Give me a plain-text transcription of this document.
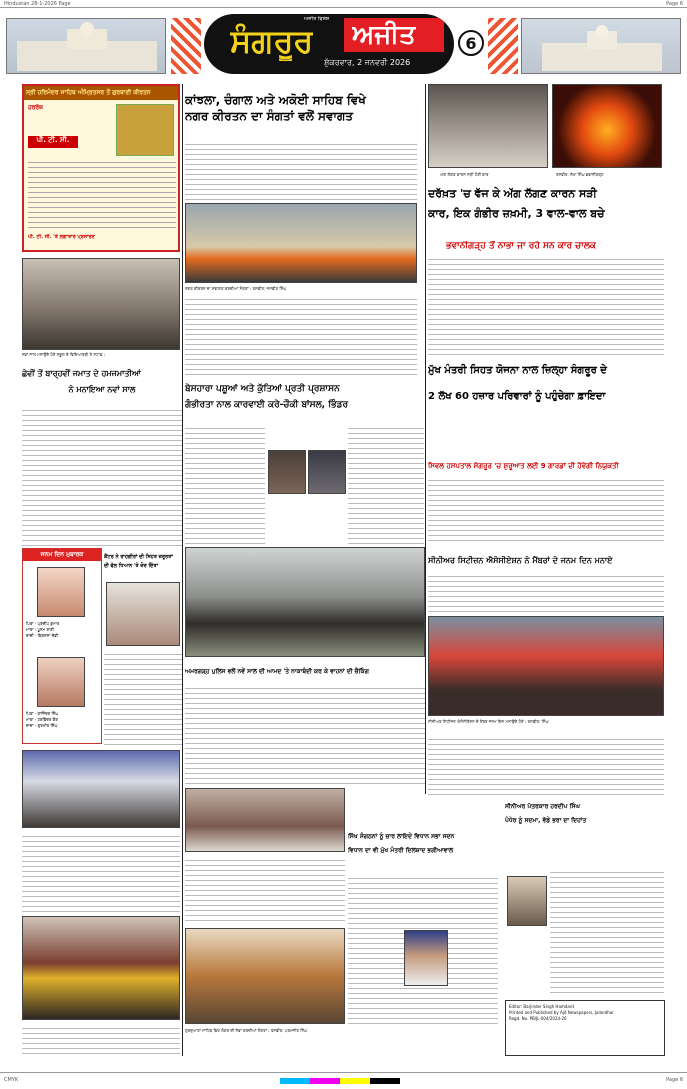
Hindustan 28-1-2026 Page	Page 6
ਸੰਗਰੂਰ ਅਜੀਤ
ਅਜੀਤ ਵਿਸ਼ੇਸ਼
ਸ਼ੁੱਕਰਵਾਰ, 2 ਜਨਵਰੀ 2026
6
ਸ੍ਰੀ ਹਰਿਮੰਦਰ ਸਾਹਿਬ ਅੰਮ੍ਰਿਤਸਰ ਤੋਂ ਗੁਰਬਾਣੀ ਕੀਰਤਨ
ਹਰਰੋਜ਼
ਪੀ. ਟੀ. ਸੀ.
ਪੀ. ਟੀ. ਸੀ. 'ਤੇ ਲਗਾਤਾਰ ਪ੍ਰਸਾਰਣ
ਕਾਂਝਲਾ, ਚੰਗਾਲ ਅਤੇ ਅਕੋਈ ਸਾਹਿਬ ਵਿਖੇ
ਨਗਰ ਕੀਰਤਨ ਦਾ ਸੰਗਤਾਂ ਵਲੋਂ ਸਵਾਗਤ
ਨਗਰ ਕੀਰਤਨ ਦਾ ਸਵਾਗਤ ਕਰਦੀਆਂ ਸੰਗਤਾਂ। ਤਸਵੀਰ: ਜਸਵੀਰ ਸਿੰਘ
ਅੱਗ ਲੱਗਣ ਕਾਰਨ ਸੜੀ ਹੋਈ ਕਾਰ	ਤਸਵੀਰ: ਲੱਖਾ ਸਿੰਘ ਭਵਾਨੀਗੜ੍ਹ
ਦਰੱਖ਼ਤ 'ਚ ਵੱਜ ਕੇ ਅੱਗ ਲੱਗਣ ਕਾਰਨ ਸੜੀ
ਕਾਰ, ਇਕ ਗੰਭੀਰ ਜ਼ਖ਼ਮੀ, 3 ਵਾਲ-ਵਾਲ ਬਚੇ
ਭਵਾਨੀਗੜ੍ਹ ਤੋਂ ਨਾਭਾ ਜਾ ਰਹੇ ਸਨ ਕਾਰ ਚਾਲਕ
ਨਵਾਂ ਸਾਲ ਮਨਾਉਂਦੇ ਹੋਏ ਸਕੂਲ ਦੇ ਵਿਦਿਆਰਥੀ ਤੇ ਸਟਾਫ਼।
ਛੇਵੀਂ ਤੋਂ ਬਾਰ੍ਹਵੀਂ ਜਮਾਤ ਦੇ ਹਮਜਮਾਤੀਆਂ
ਨੇ ਮਨਾਇਆ ਨਵਾਂ ਸਾਲ	ਬੇਸਹਾਰਾ ਪਸ਼ੂਆਂ ਅਤੇ ਕੁੱਤਿਆਂ ਪ੍ਰਤੀ ਪ੍ਰਸ਼ਾਸਨ
ਗੰਭੀਰਤਾ ਨਾਲ ਕਾਰਵਾਈ ਕਰੇ-ਚੌਕੀ ਬਾਂਸਲ, ਭਿੰਡਰ
ਮੁੱਖ ਮੰਤਰੀ ਸਿਹਤ ਯੋਜਨਾ ਨਾਲ ਜ਼ਿਲ੍ਹਾ ਸੰਗਰੂਰ ਦੇ
2 ਲੱਖ 60 ਹਜ਼ਾਰ ਪਰਿਵਾਰਾਂ ਨੂੰ ਪਹੁੰਚੇਗਾ ਫ਼ਾਇਦਾ
ਸਿਵਲ ਹਸਪਤਾਲ ਸੰਗਰੂਰ 'ਚ ਸ਼ੁਰੂਆਤ ਲਈ 9 ਗਾਰਡਾਂ ਦੀ ਹੋਵੇਗੀ ਨਿਯੁਕਤੀ
ਜਨਮ ਦਿਨ ਮੁਬਾਰਕ
ਪਿਤਾ - ਪ੍ਰਦੀਪ ਕੁਮਾਰ
ਮਾਤਾ - ਪੂਨਮ ਰਾਣੀ
ਦਾਦੀ - ਕ੍ਰਿਸ਼ਨਾ ਦੇਵੀ
ਪਿਤਾ - ਰਾਜਿੰਦਰ ਸਿੰਘ
ਮਾਤਾ - ਹਰਵਿੰਦਰ ਕੌਰ
ਦਾਦਾ - ਗੁਰਮੀਤ ਸਿੰਘ
ਕੈਂਟਰ ਨੇ ਰਾਹਗੀਰਾਂ ਦੀ ਸਿਹਤ ਜ਼ਰੂਰਤਾਂ
ਦੀ ਵੱਲ ਧਿਆਨ 'ਤੇ ਜ਼ੋਰ ਦਿੱਤਾ
ਅਮਰਗੜ੍ਹ ਪੁਲਿਸ ਵਲੋਂ ਨਵੇਂ ਸਾਲ ਦੀ ਆਮਦ 'ਤੇ ਨਾਕਾਬੰਦੀ ਕਰ ਕੇ ਵਾਹਨਾਂ ਦੀ ਚੈਕਿੰਗ
ਸੀਨੀਅਰ ਸਿਟੀਜ਼ਨ ਐਸੋਸੀਏਸ਼ਨ ਨੇ ਮੈਂਬਰਾਂ ਦੇ ਜਨਮ ਦਿਨ ਮਨਾਏ
ਸੀਨੀਅਰ ਸਿਟੀਜ਼ਨ ਐਸੋਸੀਏਸ਼ਨ ਦੇ ਮੈਂਬਰ ਜਨਮ ਦਿਨ ਮਨਾਉਂਦੇ ਹੋਏ। ਤਸਵੀਰ: ਸਿੰਘ
ਗੁਰਦੁਆਰਾ ਸਾਹਿਬ ਵਿਖੇ ਲੰਗਰ ਦੀ ਸੇਵਾ ਕਰਦੀਆਂ ਸੰਗਤਾਂ। ਤਸਵੀਰ: ਪਰਮਜੀਤ ਸਿੰਘ
ਸਿੱਖ ਸੰਗਠਨਾਂ ਨੂੰ ਚਾਰ ਲਾਇਦੇ ਵਿਧਾਨ ਸਭਾ ਸਦਨ
ਵਿਧਾਨ ਦਾ ਵੀ ਮੁੱਖ ਮੰਤਰੀ ਦਿਲਸ਼ਾਦ ਭਗੀਆਵਾਲ
ਸੀਨੀਅਰ ਪੱਤਰਕਾਰ ਹਰਦੀਪ ਸਿੰਘ
ਪੰਧੇਰ ਨੂੰ ਸਦਮਾ, ਵੱਡੇ ਭਰਾ ਦਾ ਦਿਹਾਂਤ
Editor: Barjinder Singh Hamdard
Printed and Published by Ajit Newspapers, Jalandhar
Regd. No. PB/JL-004/2024-26
CMYK	Page 6
